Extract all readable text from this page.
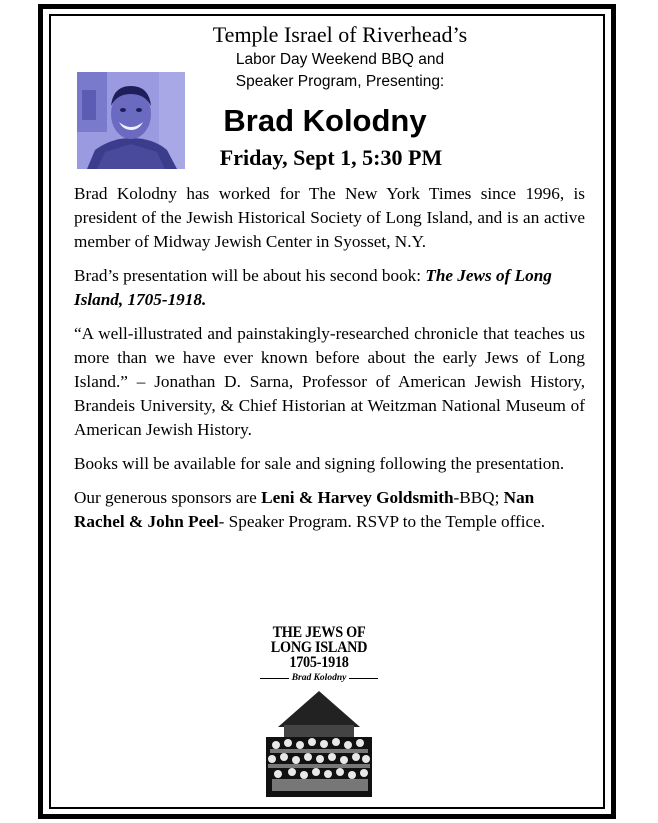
Temple Israel of Riverhead’s
Labor Day Weekend BBQ and
Speaker Program, Presenting:
Brad Kolodny
Friday, Sept 1, 5:30 PM

Brad Kolodny has worked for The New York Times since 1996, is president of the Jewish Historical Society of Long Island, and is an active member of Midway Jewish Center in Syosset, N.Y.

Brad’s presentation will be about his second book: The Jews of Long Island, 1705-1918.

“A well-illustrated and painstakingly-researched chronicle that teaches us more than we have ever known before about the early Jews of Long Island.” – Jonathan D. Sarna, Professor of American Jewish History, Brandeis University, & Chief Historian at Weitzman National Museum of American Jewish History.

Books will be available for sale and signing following the presentation.

Our generous sponsors are Leni & Harvey Goldsmith-BBQ; Nan Rachel & John Peel- Speaker Program. RSVP to the Temple office.

THE JEWS OF
LONG ISLAND
1705-1918
Brad Kolodny
